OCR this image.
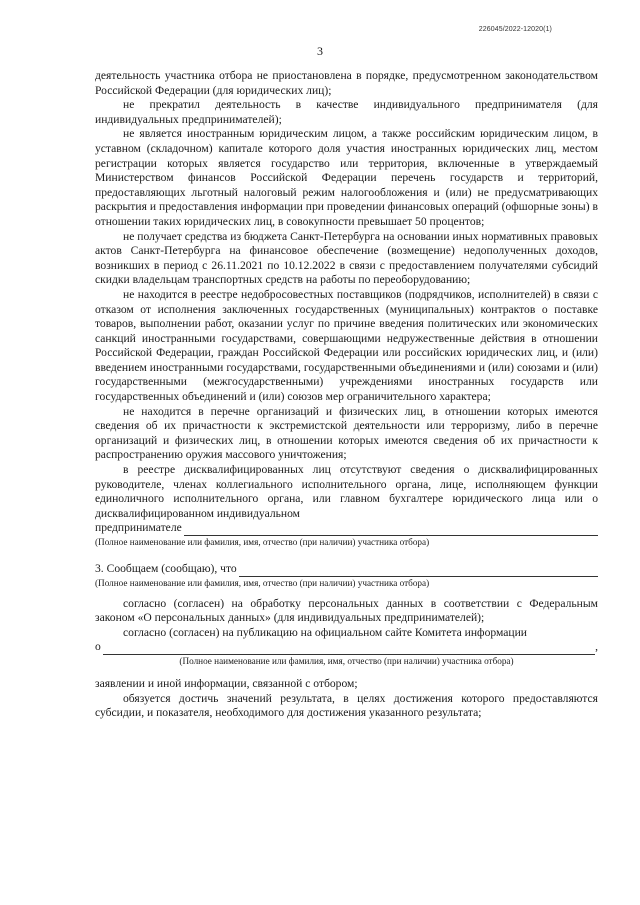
226045/2022-12020(1)
3

деятельность участника отбора не приостановлена в порядке, предусмотренном законодательством Российской Федерации (для юридических лиц);

не прекратил деятельность в качестве индивидуального предпринимателя (для индивидуальных предпринимателей);

не является иностранным юридическим лицом, а также российским юридическим лицом, в уставном (складочном) капитале которого доля участия иностранных юридических лиц, местом регистрации которых является государство или территория, включенные в утверждаемый Министерством финансов Российской Федерации перечень государств и территорий, предоставляющих льготный налоговый режим налогообложения и (или) не предусматривающих раскрытия и предоставления информации при проведении финансовых операций (офшорные зоны) в отношении таких юридических лиц, в совокупности превышает 50 процентов;

не получает средства из бюджета Санкт-Петербурга на основании иных нормативных правовых актов Санкт-Петербурга на финансовое обеспечение (возмещение) недополученных доходов, возникших в период с 26.11.2021 по 10.12.2022 в связи с предоставлением получателями субсидий скидки владельцам транспортных средств на работы по переоборудованию;

не находится в реестре недобросовестных поставщиков (подрядчиков, исполнителей) в связи с отказом от исполнения заключенных государственных (муниципальных) контрактов о поставке товаров, выполнении работ, оказании услуг по причине введения политических или экономических санкций иностранными государствами, совершающими недружественные действия в отношении Российской Федерации, граждан Российской Федерации или российских юридических лиц, и (или) введением иностранными государствами, государственными объединениями и (или) союзами и (или) государственными (межгосударственными) учреждениями иностранных государств или государственных объединений и (или) союзов мер ограничительного характера;

не находится в перечне организаций и физических лиц, в отношении которых имеются сведения об их причастности к экстремистской деятельности или терроризму, либо в перечне организаций и физических лиц, в отношении которых имеются сведения об их причастности к распространению оружия массового уничтожения;

в реестре дисквалифицированных лиц отсутствуют сведения о дисквалифицированных руководителе, членах коллегиального исполнительного органа, лице, исполняющем функции единоличного исполнительного органа, или главном бухгалтере юридического лица или о дисквалифицированном индивидуальном

предпринимателе

(Полное наименование или фамилия, имя, отчество (при наличии) участника отбора)

3. Сообщаем (сообщаю), что

(Полное наименование или фамилия, имя, отчество (при наличии) участника отбора)

согласно (согласен) на обработку персональных данных в соответствии с Федеральным законом «О персональных данных» (для индивидуальных предпринимателей);

согласно (согласен) на публикацию на официальном сайте Комитета информации

о	,

(Полное наименование или фамилия, имя, отчество (при наличии) участника отбора)

заявлении и иной информации, связанной с отбором;

обязуется достичь значений результата, в целях достижения которого предоставляются субсидии, и показателя, необходимого для достижения указанного результата;
